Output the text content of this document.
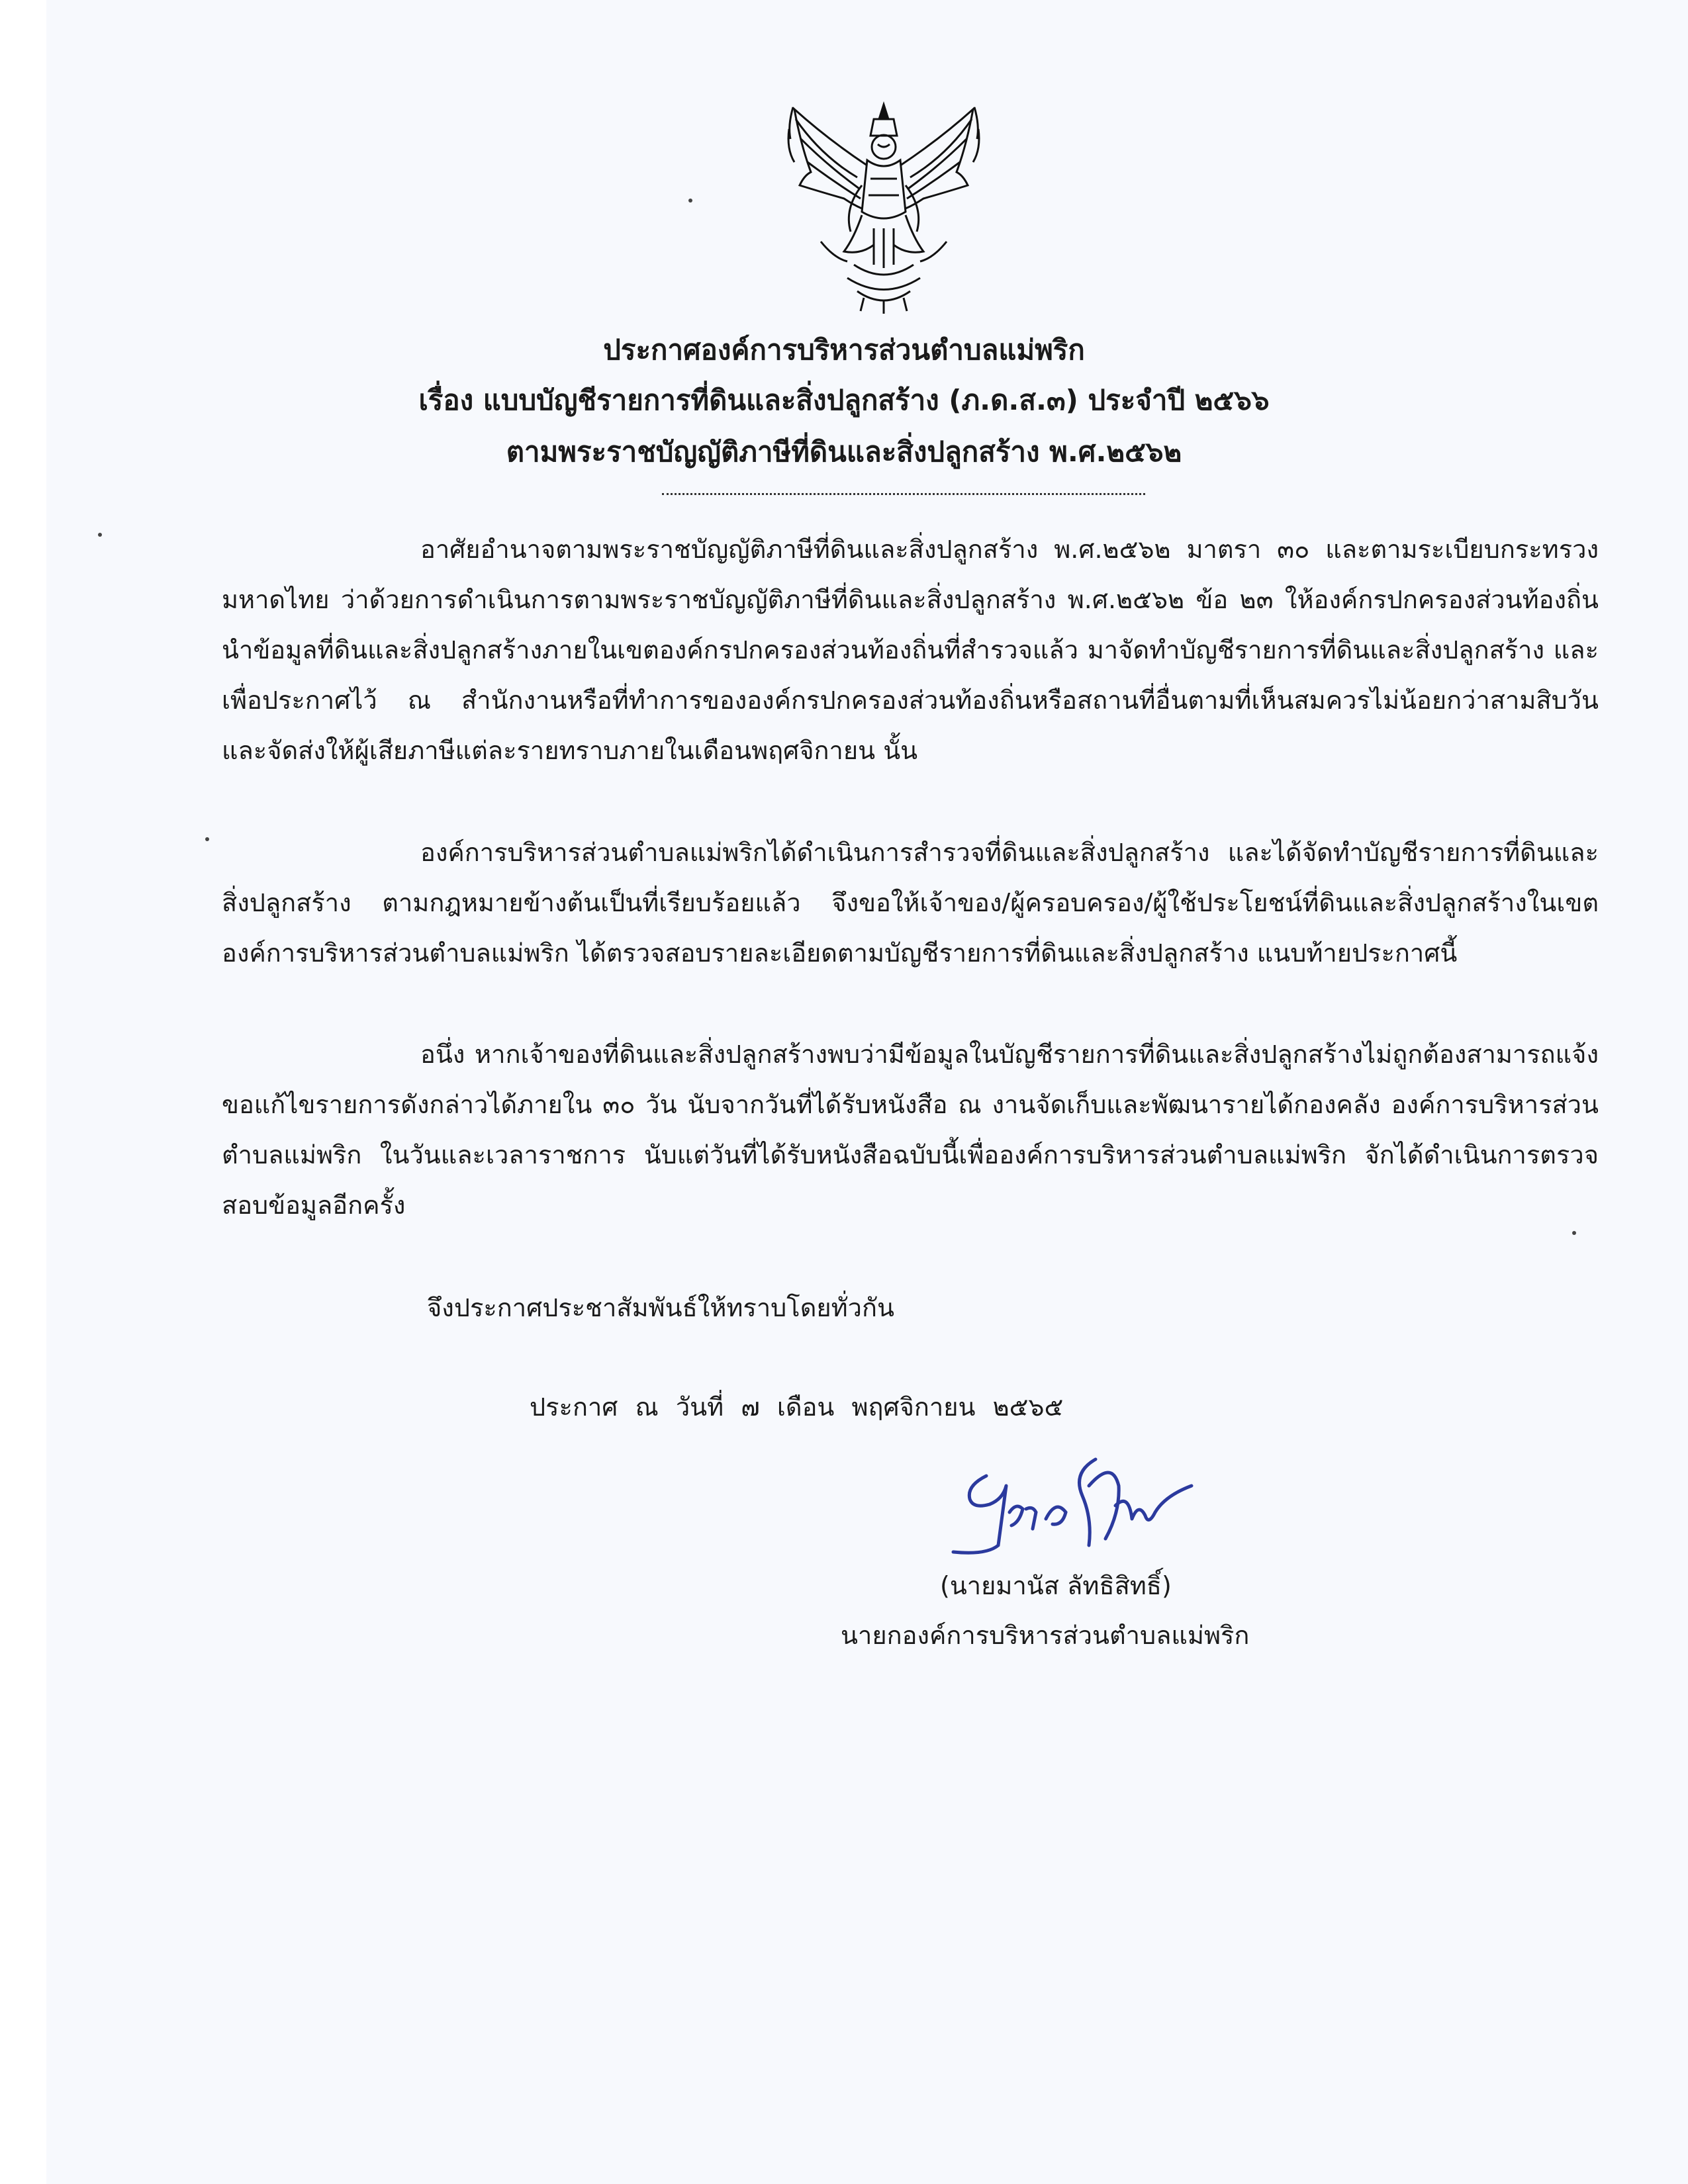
ประกาศองค์การบริหารส่วนตำบลแม่พริก
เรื่อง แบบบัญชีรายการที่ดินและสิ่งปลูกสร้าง (ภ.ด.ส.๓) ประจำปี ๒๕๖๖
ตามพระราชบัญญัติภาษีที่ดินและสิ่งปลูกสร้าง พ.ศ.๒๕๖๒
อาศัยอำนาจตามพระราชบัญญัติภาษีที่ดินและสิ่งปลูกสร้าง พ.ศ.๒๕๖๒ มาตรา ๓๐ และตามระเบียบกระทรวงมหาดไทย ว่าด้วยการดำเนินการตามพระราชบัญญัติภาษีที่ดินและสิ่งปลูกสร้าง พ.ศ.๒๕๖๒ ข้อ ๒๓ ให้องค์กรปกครองส่วนท้องถิ่นนำข้อมูลที่ดินและสิ่งปลูกสร้างภายในเขตองค์กรปกครองส่วนท้องถิ่นที่สำรวจแล้ว มาจัดทำบัญชีรายการที่ดินและสิ่งปลูกสร้าง และเพื่อประกาศไว้ ณ สำนักงานหรือที่ทำการขององค์กรปกครองส่วนท้องถิ่นหรือสถานที่อื่นตามที่เห็นสมควรไม่น้อยกว่าสามสิบวันและจัดส่งให้ผู้เสียภาษีแต่ละรายทราบภายในเดือนพฤศจิกายน นั้น
องค์การบริหารส่วนตำบลแม่พริกได้ดำเนินการสำรวจที่ดินและสิ่งปลูกสร้าง และได้จัดทำบัญชีรายการที่ดินและสิ่งปลูกสร้าง ตามกฎหมายข้างต้นเป็นที่เรียบร้อยแล้ว จึงขอให้เจ้าของ/ผู้ครอบครอง/ผู้ใช้ประโยชน์ที่ดินและสิ่งปลูกสร้างในเขตองค์การบริหารส่วนตำบลแม่พริก ได้ตรวจสอบรายละเอียดตามบัญชีรายการที่ดินและสิ่งปลูกสร้าง แนบท้ายประกาศนี้
อนึ่ง หากเจ้าของที่ดินและสิ่งปลูกสร้างพบว่ามีข้อมูลในบัญชีรายการที่ดินและสิ่งปลูกสร้างไม่ถูกต้องสามารถแจ้งขอแก้ไขรายการดังกล่าวได้ภายใน ๓๐ วัน นับจากวันที่ได้รับหนังสือ ณ งานจัดเก็บและพัฒนารายได้กองคลัง องค์การบริหารส่วนตำบลแม่พริก ในวันและเวลาราชการ นับแต่วันที่ได้รับหนังสือฉบับนี้เพื่อองค์การบริหารส่วนตำบลแม่พริก จักได้ดำเนินการตรวจสอบข้อมูลอีกครั้ง
จึงประกาศประชาสัมพันธ์ให้ทราบโดยทั่วกัน
ประกาศ ณ วันที่ ๗ เดือน พฤศจิกายน ๒๕๖๕
(นายมานัส ลัทธิสิทธิ์)
นายกองค์การบริหารส่วนตำบลแม่พริก
